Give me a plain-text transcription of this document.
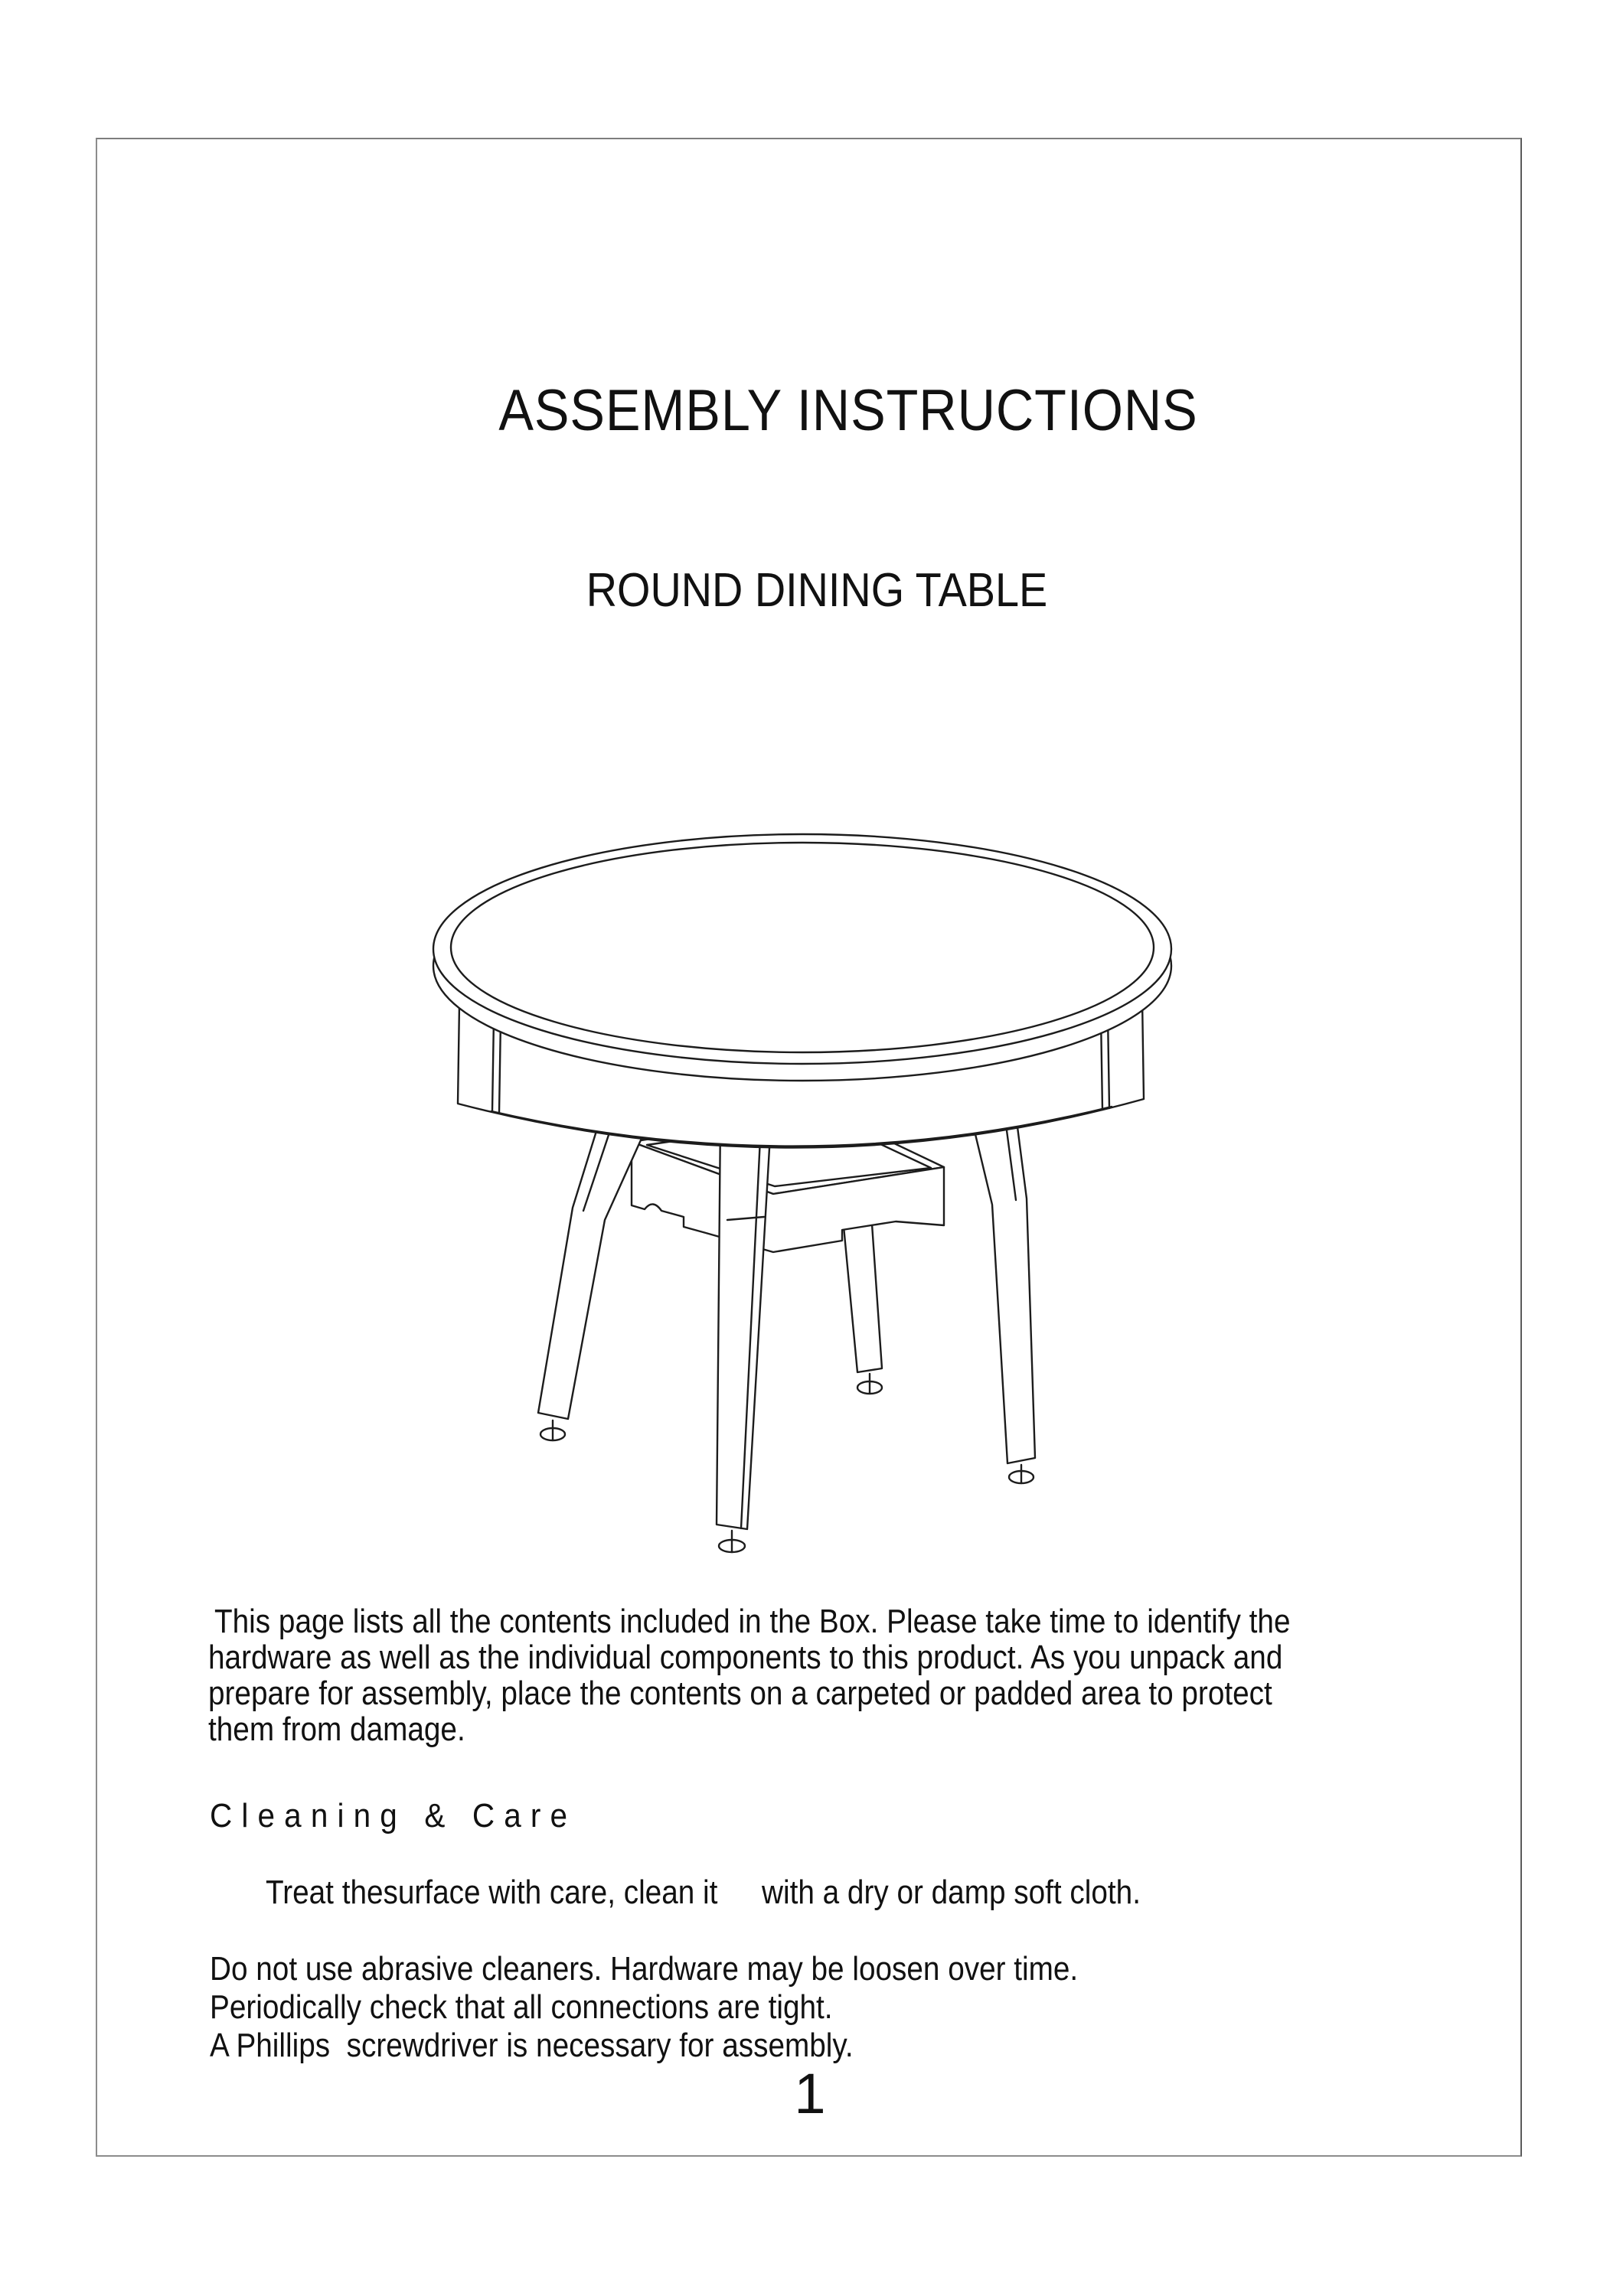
ASSEMBLY INSTRUCTIONS
ROUND DINING TABLE
This page lists all the contents included in the Box. Please take time to identify the
hardware as well as the individual components to this product. As you unpack and
prepare for assembly, place the contents on a carpeted or padded area to protect
them from damage.
Cleaning & Care

Treat thesurface with care, clean it with a dry or damp soft cloth.

Do not use abrasive cleaners. Hardware may be loosen over time.
Periodically check that all connections are tight.
A Phillips  screwdriver is necessary for assembly.
1
